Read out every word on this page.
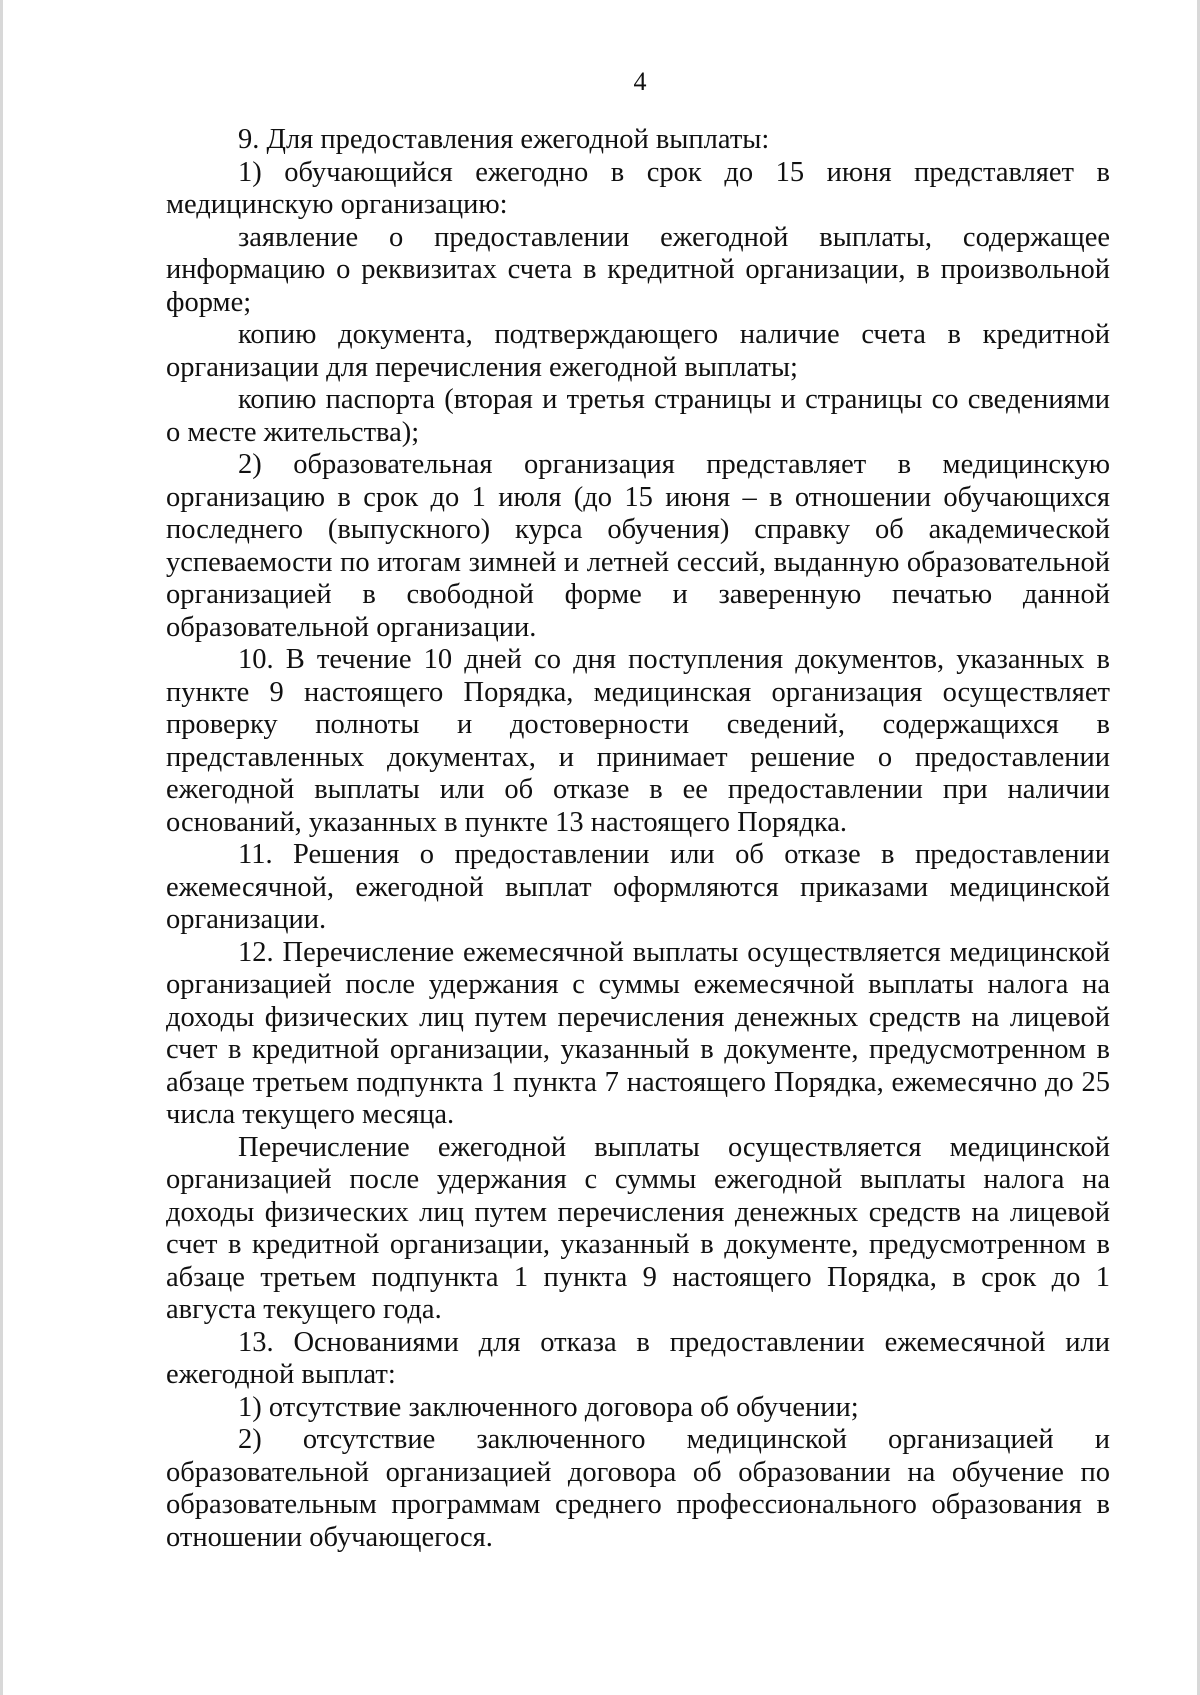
4

9. Для предоставления ежегодной выплаты:

1) обучающийся ежегодно в срок до 15 июня представляет в медицинскую организацию:

заявление о предоставлении ежегодной выплаты, содержащее информацию о реквизитах счета в кредитной организации, в произвольной форме;

копию документа, подтверждающего наличие счета в кредитной организации для перечисления ежегодной выплаты;

копию паспорта (вторая и третья страницы и страницы со сведениями о месте жительства);

2) образовательная организация представляет в медицинскую организацию в срок до 1 июля (до 15 июня – в отношении обучающихся последнего (выпускного) курса обучения) справку об академической успеваемости по итогам зимней и летней сессий, выданную образовательной организацией в свободной форме и заверенную печатью данной образовательной организации.

10. В течение 10 дней со дня поступления документов, указанных в пункте 9 настоящего Порядка, медицинская организация осуществляет проверку полноты и достоверности сведений, содержащихся в представленных документах, и принимает решение о предоставлении ежегодной выплаты или об отказе в ее предоставлении при наличии оснований, указанных в пункте 13 настоящего Порядка.

11. Решения о предоставлении или об отказе в предоставлении ежемесячной, ежегодной выплат оформляются приказами медицинской организации.

12. Перечисление ежемесячной выплаты осуществляется медицинской организацией после удержания с суммы ежемесячной выплаты налога на доходы физических лиц путем перечисления денежных средств на лицевой счет в кредитной организации, указанный в документе, предусмотренном в абзаце третьем подпункта 1 пункта 7 настоящего Порядка, ежемесячно до 25 числа текущего месяца.

Перечисление ежегодной выплаты осуществляется медицинской организацией после удержания с суммы ежегодной выплаты налога на доходы физических лиц путем перечисления денежных средств на лицевой счет в кредитной организации, указанный в документе, предусмотренном в абзаце третьем подпункта 1 пункта 9 настоящего Порядка, в срок до 1 августа текущего года.

13. Основаниями для отказа в предоставлении ежемесячной или ежегодной выплат:

1) отсутствие заключенного договора об обучении;

2) отсутствие заключенного медицинской организацией и образовательной организацией договора об образовании на обучение по образовательным программам среднего профессионального образования в отношении обучающегося.
